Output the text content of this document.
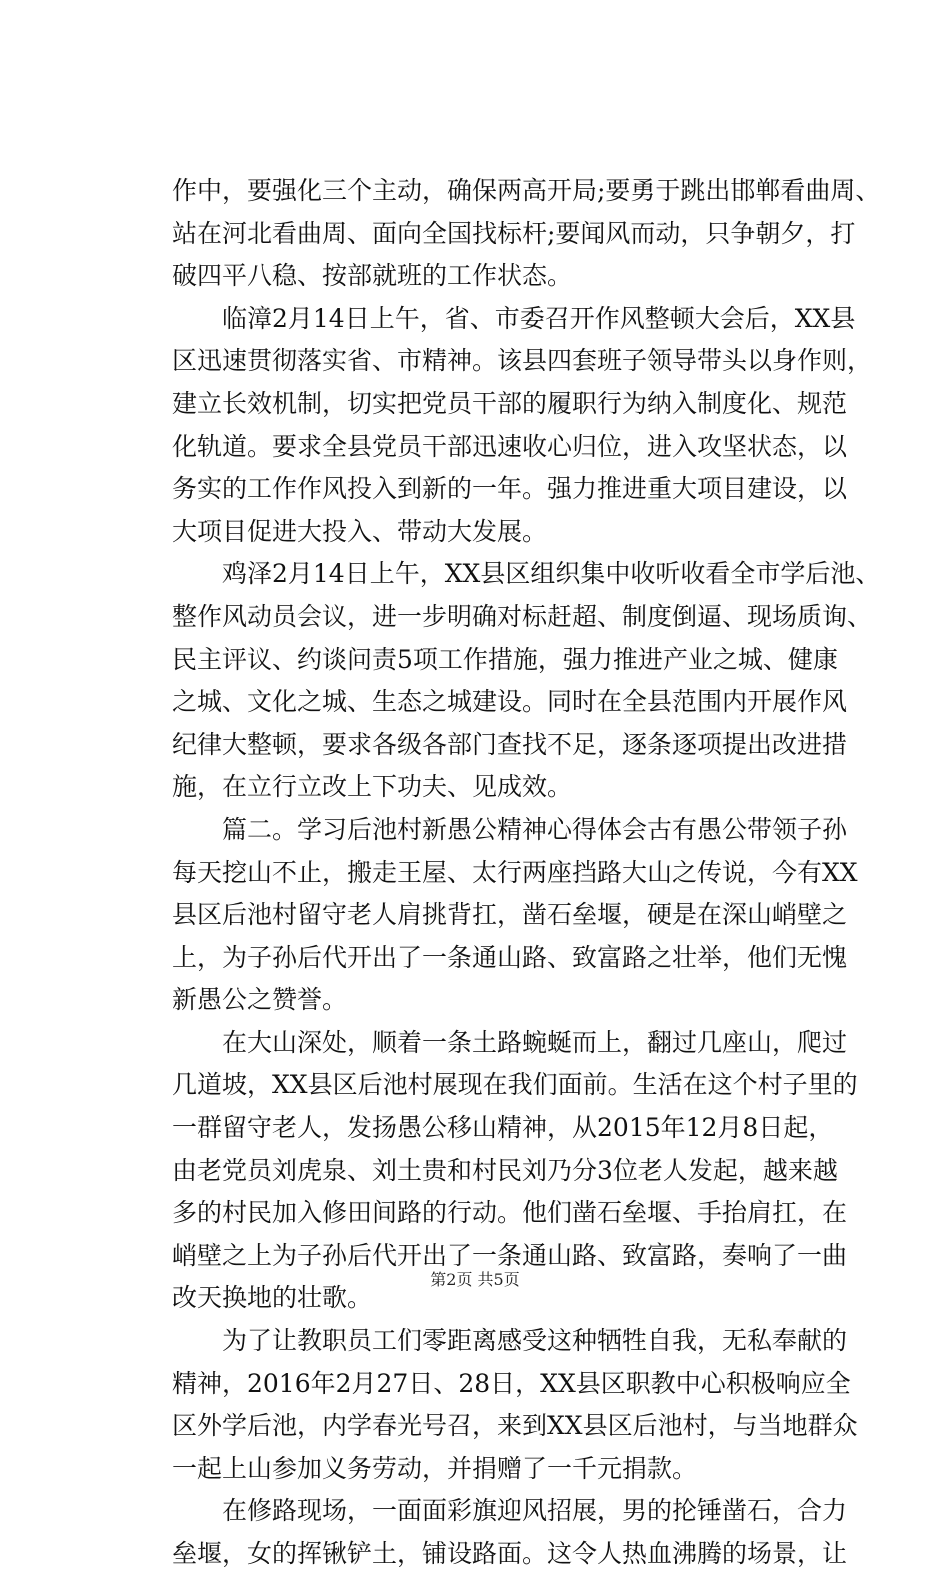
作中，要强化三个主动，确保两高开局;要勇于跳出邯郸看曲周、
站在河北看曲周、面向全国找标杆;要闻风而动，只争朝夕，打
破四平八稳、按部就班的工作状态。
临漳2月14日上午，省、市委召开作风整顿大会后，XX县
区迅速贯彻落实省、市精神。该县四套班子领导带头以身作则，
建立长效机制，切实把党员干部的履职行为纳入制度化、规范
化轨道。要求全县党员干部迅速收心归位，进入攻坚状态，以
务实的工作作风投入到新的一年。强力推进重大项目建设，以
大项目促进大投入、带动大发展。
鸡泽2月14日上午，XX县区组织集中收听收看全市学后池、
整作风动员会议，进一步明确对标赶超、制度倒逼、现场质询、
民主评议、约谈问责5项工作措施，强力推进产业之城、健康
之城、文化之城、生态之城建设。同时在全县范围内开展作风
纪律大整顿，要求各级各部门查找不足，逐条逐项提出改进措
施，在立行立改上下功夫、见成效。
篇二。学习后池村新愚公精神心得体会古有愚公带领子孙
每天挖山不止，搬走王屋、太行两座挡路大山之传说，今有XX
县区后池村留守老人肩挑背扛，凿石垒堰，硬是在深山峭壁之
上，为子孙后代开出了一条通山路、致富路之壮举，他们无愧
新愚公之赞誉。
在大山深处，顺着一条土路蜿蜒而上，翻过几座山，爬过
几道坡，XX县区后池村展现在我们面前。生活在这个村子里的
一群留守老人，发扬愚公移山精神，从2015年12月8日起，
由老党员刘虎泉、刘土贵和村民刘乃分3位老人发起，越来越
多的村民加入修田间路的行动。他们凿石垒堰、手抬肩扛，在
峭壁之上为子孙后代开出了一条通山路、致富路，奏响了一曲
改天换地的壮歌。
为了让教职员工们零距离感受这种牺牲自我，无私奉献的
精神，2016年2月27日、28日，XX县区职教中心积极响应全
区外学后池，内学春光号召，来到XX县区后池村，与当地群众
一起上山参加义务劳动，并捐赠了一千元捐款。
在修路现场，一面面彩旗迎风招展，男的抡锤凿石，合力
垒堰，女的挥锹铲土，铺设路面。这令人热血沸腾的场景，让
第2页 共5页
